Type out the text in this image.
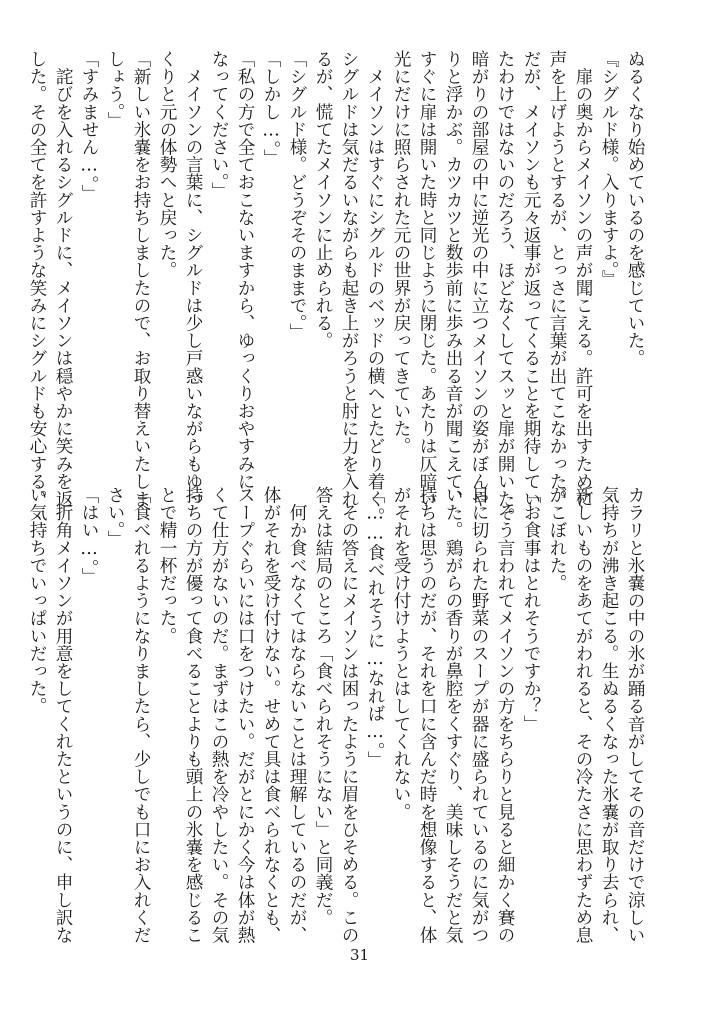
ぬるくなり始めているのを感じていた。
『シグルド様。入りますよ。』
　扉の奥からメイソンの声が聞こえる。許可を出すために
声を上げようとするが、とっさに言葉が出てこなかった。
だが、メイソンも元々返事が返ってくることを期待してい
たわけではないのだろう、ほどなくしてスッと扉が開いた。
暗がりの部屋の中に逆光の中に立つメイソンの姿がぼんや
りと浮かぶ。カツカツと数歩前に歩み出る音が聞こえて、
すぐに扉は開いた時と同じように閉じた。あたりは仄暗い
光にだけに照らされた元の世界が戻ってきていた。
　メイソンはすぐにシグルドのベッドの横へとたどり着く。
シグルドは気だるいながらも起き上がろうと肘に力を入れ
るが、慌てたメイソンに止められる。
「シグルド様。どうぞそのままで。」
「しかし…。」
「私の方で全ておこないますから、ゆっくりおやすみに
なってください。」
　メイソンの言葉に、シグルドは少し戸惑いながらもゆっ
くりと元の体勢へと戻った。
「新しい氷嚢をお持ちしましたので、お取り替えいたしま
しょう。」
「すみません…。」
　詫びを入れるシグルドに、メイソンは穏やかに笑みを返
した。その全てを許すような笑みにシグルドも安心する。
カラリと氷嚢の中の氷が踊る音がしてその音だけで涼しい
気持ちが沸き起こる。生ぬるくなった氷嚢が取り去られ、
新しいものをあてがわれると、その冷たさに思わずため息
がこぼれた。
「お食事はとれそうですか？」
　そう言われてメイソンの方をちらりと見ると細かく賽の
目に切られた野菜のスープが器に盛られているのに気がつ
いた。鶏がらの香りが鼻腔をくすぐり、美味しそうだと気
持ちは思うのだが、それを口に含んだ時を想像すると、体
がそれを受け付けようとはしてくれない。
「……食べれそうに…なれば…。」
　その答えにメイソンは困ったように眉をひそめる。この
答えは結局のところ「食べられそうにない」と同義だ。
　何か食べなくてはならないことは理解しているのだが、
体がそれを受け付けない。せめて具は食べられなくとも、
スープぐらいには口をつけたい。だがとにかく今は体が熱
くて仕方がないのだ。まずはこの熱を冷やしたい。その気
持ちの方が優って食べることよりも頭上の氷嚢を感じるこ
とで精一杯だった。
「食べれるようになりましたら、少しでも口にお入れくだ
さい。」
「はい…。」
　折角メイソンが用意をしてくれたというのに、申し訳な
い気持ちでいっぱいだった。
31
